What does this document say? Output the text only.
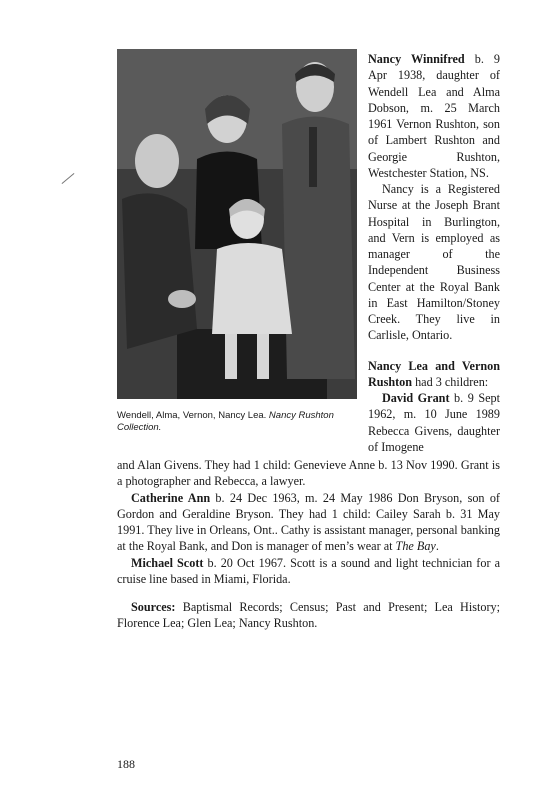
Wendell, Alma, Vernon, Nancy Lea. Nancy Rushton Collection.

Nancy Winnifred b. 9 Apr 1938, daughter of Wendell Lea and Alma Dobson, m. 25 March 1961 Vernon Rushton, son of Lambert Rushton and Georgie Rushton, Westchester Station, NS.

Nancy is a Registered Nurse at the Joseph Brant Hospital in Burlington, and Vern is employed as manager of the Independent Business Center at the Royal Bank in East Hamilton/Stoney Creek. They live in Carlisle, Ontario.

Nancy Lea and Vernon Rushton had 3 children:

David Grant b. 9 Sept 1962, m. 10 June 1989 Rebecca Givens, daughter of Imogene

and Alan Givens. They had 1 child: Genevieve Anne b. 13 Nov 1990. Grant is a photographer and Rebecca, a lawyer.

Catherine Ann b. 24 Dec 1963, m. 24 May 1986 Don Bryson, son of Gordon and Geraldine Bryson. They had 1 child: Cailey Sarah b. 31 May 1991. They live in Orleans, Ont.. Cathy is assistant manager, personal banking at the Royal Bank, and Don is manager of men’s wear at The Bay.

Michael Scott b. 20 Oct 1967. Scott is a sound and light technician for a cruise line based in Miami, Florida.

Sources: Baptismal Records; Census; Past and Present; Lea History; Florence Lea; Glen Lea; Nancy Rushton.

188
